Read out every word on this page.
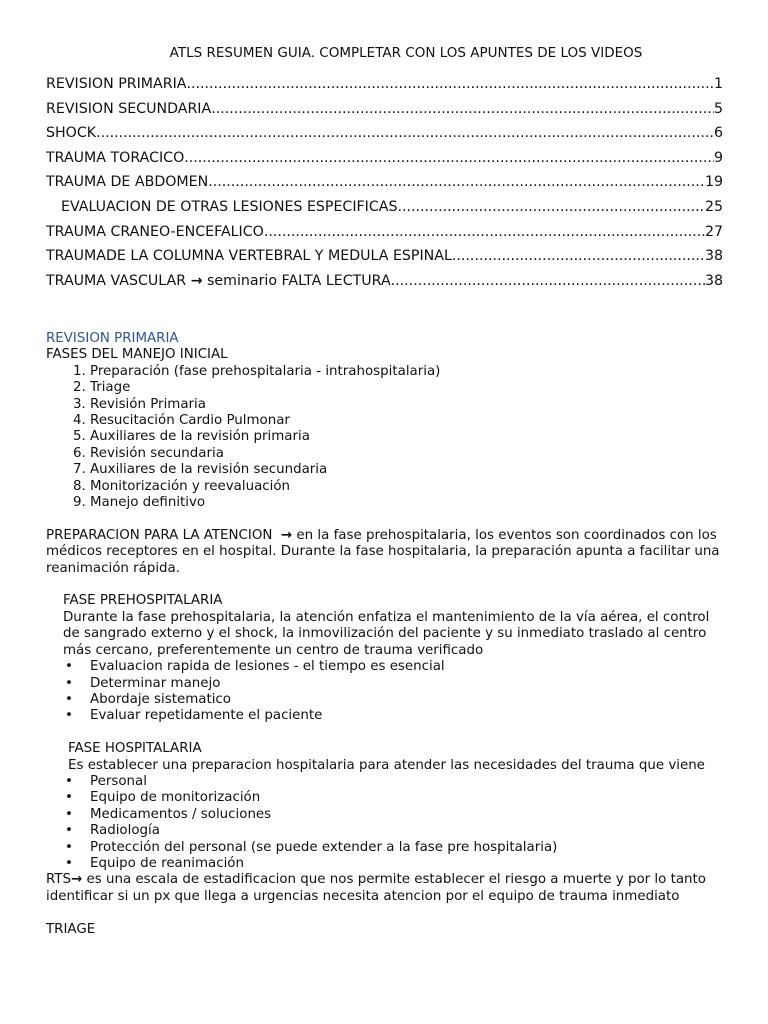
ATLS RESUMEN GUIA. COMPLETAR CON LOS APUNTES DE LOS VIDEOS
REVISION PRIMARIA .....	1
REVISION SECUNDARIA .....	5
SHOCK .....	6
TRAUMA TORACICO .....	9
TRAUMA DE ABDOMEN .....	19
EVALUACION DE OTRAS LESIONES ESPECIFICAS .....	25
TRAUMA CRANEO-ENCEFALICO .....	27
TRAUMADE LA COLUMNA VERTEBRAL Y MEDULA ESPINAL .....	38
TRAUMA VASCULAR → seminario FALTA LECTURA .....	38

REVISION PRIMARIA

FASES DEL MANEJO INICIAL

1. Preparación (fase prehospitalaria - intrahospitalaria)
2. Triage
3. Revisión Primaria
4. Resucitación Cardio Pulmonar
5. Auxiliares de la revisión primaria
6. Revisión secundaria
7. Auxiliares de la revisión secundaria
8. Monitorización y reevaluación
9. Manejo definitivo

PREPARACION PARA LA ATENCION → en la fase prehospitalaria, los eventos son coordinados con los médicos receptores en el hospital. Durante la fase hospitalaria, la preparación apunta a facilitar una reanimación rápida.

FASE PREHOSPITALARIA

Durante la fase prehospitalaria, la atención enfatiza el mantenimiento de la vía aérea, el control de sangrado externo y el shock, la inmovilización del paciente y su inmediato traslado al centro más cercano, preferentemente un centro de trauma verificado

• Evaluacion rapida de lesiones - el tiempo es esencial
• Determinar manejo
• Abordaje sistematico
• Evaluar repetidamente el paciente

FASE HOSPITALARIA

Es establecer una preparacion hospitalaria para atender las necesidades del trauma que viene

• Personal
• Equipo de monitorización
• Medicamentos / soluciones
• Radiología
• Protección del personal (se puede extender a la fase pre hospitalaria)
• Equipo de reanimación

RTS→ es una escala de estadificacion que nos permite establecer el riesgo a muerte y por lo tanto identificar si un px que llega a urgencias necesita atencion por el equipo de trauma inmediato

TRIAGE
